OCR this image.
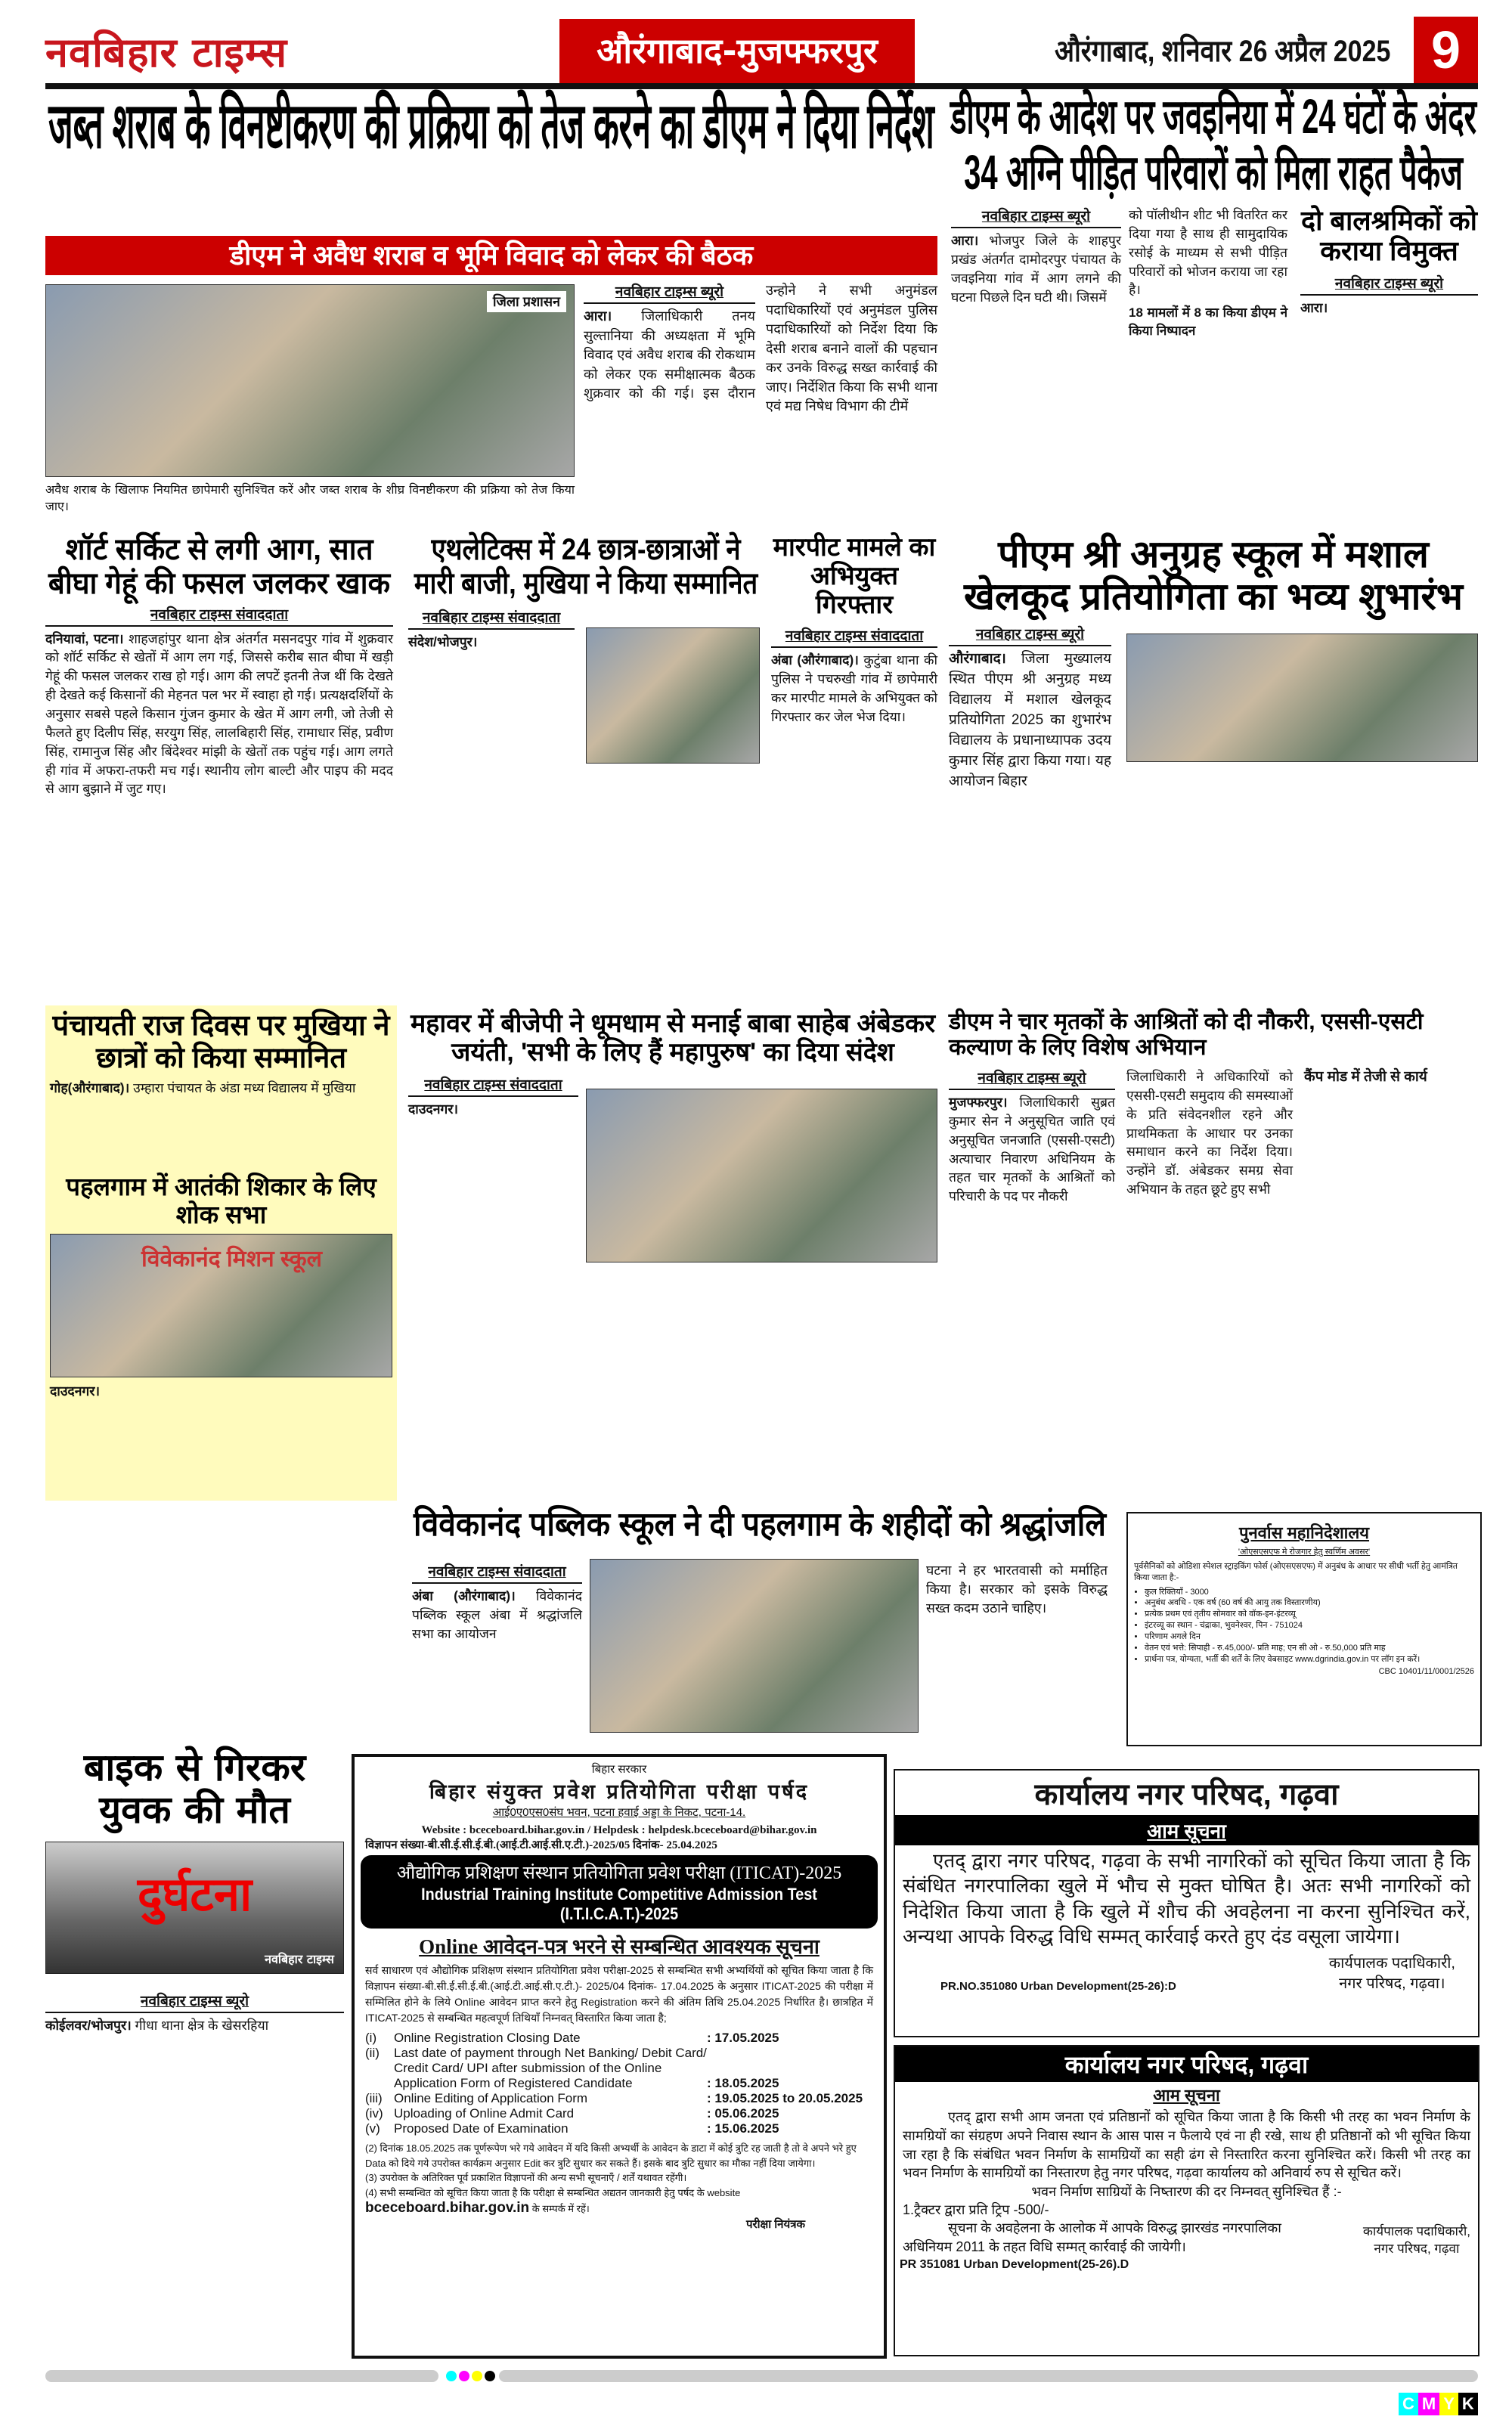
नवबिहार टाइम्स	औरंगाबाद-मुजफ्फरपुर	औरंगाबाद, शनिवार 26 अप्रैल 2025 9
जब्त शराब के विनष्टीकरण की प्रक्रिया को तेज करने का डीएम ने दिया निर्देश
डीएम ने अवैध शराब व भूमि विवाद को लेकर की बैठक
जिला प्रशासन
अवैध शराब के खिलाफ नियमित छापेमारी सुनिश्चित करें और जब्त शराब के शीघ्र विनष्टीकरण की प्रक्रिया को तेज किया जाए।
नवबिहार टाइम्स ब्यूरो

आरा। जिलाधिकारी तनय सुल्तानिया की अध्यक्षता में भूमि विवाद एवं अवैध शराब की रोकथाम को लेकर एक समीक्षात्मक बैठक शुक्रवार को की गई। इस दौरान उन्होने ने सभी अनुमंडल पदाधिकारियों एवं अनुमंडल पुलिस पदाधिकारियों को निर्देश दिया कि देसी शराब बनाने वालों की पहचान कर उनके विरुद्ध सख्त कार्रवाई की जाए। निर्देशित किया कि सभी थाना एवं मद्य निषेध विभाग की टीमें

डीएम के आदेश पर जवइनिया में 24 घंटों के अंदर 34 अग्नि पीड़ित परिवारों को मिला राहत पैकेज
नवबिहार टाइम्स ब्यूरो

आरा। भोजपुर जिले के शाहपुर प्रखंड अंतर्गत दामोदरपुर पंचायत के जवइनिया गांव में आग लगने की घटना पिछले दिन घटी थी। जिसमें

को पॉलीथीन शीट भी वितरित कर दिया गया है साथ ही सामुदायिक रसोई के माध्यम से सभी पीड़ित परिवारों को भोजन कराया जा रहा है।

18 मामलों में 8 का किया डीएम ने किया निष्पादन

दो बालश्रमिकों को कराया विमुक्त
नवबिहार टाइम्स ब्यूरो

आरा।

शॉर्ट सर्किट से लगी आग, सात बीघा गेहूं की फसल जलकर खाक
नवबिहार टाइम्स संवाददाता

दनियावां, पटना। शाहजहांपुर थाना क्षेत्र अंतर्गत मसनदपुर गांव में शुक्रवार को शॉर्ट सर्किट से खेतों में आग लग गई, जिससे करीब सात बीघा में खड़ी गेहूं की फसल जलकर राख हो गई। आग की लपटें इतनी तेज थीं कि देखते ही देखते कई किसानों की मेहनत पल भर में स्वाहा हो गई। प्रत्यक्षदर्शियों के अनुसार सबसे पहले किसान गुंजन कुमार के खेत में आग लगी, जो तेजी से फैलते हुए दिलीप सिंह, सरयुग सिंह, लालबिहारी सिंह, रामाधार सिंह, प्रवीण सिंह, रामानुज सिंह और बिंदेश्वर मांझी के खेतों तक पहुंच गई। आग लगते ही गांव में अफरा-तफरी मच गई। स्थानीय लोग बाल्टी और पाइप की मदद से आग बुझाने में जुट गए।

एथलेटिक्स में 24 छात्र-छात्राओं ने मारी बाजी, मुखिया ने किया सम्मानित
नवबिहार टाइम्स संवाददाता

संदेश/भोजपुर।

मारपीट मामले का अभियुक्त गिरफ्तार
नवबिहार टाइम्स संवाददाता

अंबा (औरंगाबाद)। कुटुंबा थाना की पुलिस ने पचरुखी गांव में छापेमारी कर मारपीट मामले के अभियुक्त को गिरफ्तार कर जेल भेज दिया।

पीएम श्री अनुग्रह स्कूल में मशाल खेलकूद प्रतियोगिता का भव्य शुभारंभ
नवबिहार टाइम्स ब्यूरो

औरंगाबाद। जिला मुख्यालय स्थित पीएम श्री अनुग्रह मध्य विद्यालय में मशाल खेलकूद प्रतियोगिता 2025 का शुभारंभ विद्यालय के प्रधानाध्यापक उदय कुमार सिंह द्वारा किया गया। यह आयोजन बिहार

पंचायती राज दिवस पर मुखिया ने छात्रों को किया सम्मानित

गोह(औरंगाबाद)। उम्हारा पंचायत के अंडा मध्य विद्यालय में मुखिया

पहलगाम में आतंकी शिकार के लिए शोक सभा
विवेकानंद मिशन स्कूल

दाउदनगर।

महावर में बीजेपी ने धूमधाम से मनाई बाबा साहेब अंबेडकर जयंती, 'सभी के लिए हैं महापुरुष' का दिया संदेश
नवबिहार टाइम्स संवाददाता

दाउदनगर।

डीएम ने चार मृतकों के आश्रितों को दी नौकरी, एससी-एसटी कल्याण के लिए विशेष अभियान
नवबिहार टाइम्स ब्यूरो

मुजफ्फरपुर। जिलाधिकारी सुब्रत कुमार सेन ने अनुसूचित जाति एवं अनुसूचित जनजाति (एससी-एसटी) अत्याचार निवारण अधिनियम के तहत चार मृतकों के आश्रितों को परिचारी के पद पर नौकरी

जिलाधिकारी ने अधिकारियों को एससी-एसटी समुदाय की समस्याओं के प्रति संवेदनशील रहने और प्राथमिकता के आधार पर उनका समाधान करने का निर्देश दिया। उन्होंने डॉ. अंबेडकर समग्र सेवा अभियान के तहत छूटे हुए सभी

कैंप मोड में तेजी से कार्य

विवेकानंद पब्लिक स्कूल ने दी पहलगाम के शहीदों को श्रद्धांजलि
नवबिहार टाइम्स संवाददाता

अंबा (औरंगाबाद)। विवेकानंद पब्लिक स्कूल अंबा में श्रद्धांजलि सभा का आयोजन

घटना ने हर भारतवासी को मर्माहित किया है। सरकार को इसके विरुद्ध सख्त कदम उठाने चाहिए।

पुनर्वास महानिदेशालय
'ओएसएसएफ मे रोजगार हेतु स्वर्णिम अवसर'
पूर्वसैनिकों को ओडिशा स्पेशल स्ट्राइकिंग फोर्स (ओएसएसएफ) में अनुबंध के आधार पर सीधी भर्ती हेतु आमंत्रित किया जाता है:-
• कुल रिक्तियाँ - 3000
• अनुबंध अवधि - एक वर्ष (60 वर्ष की आयु तक विस्तारणीय)
• प्रत्येक प्रथम एवं तृतीय सोमवार को वॉक-इन-इंटरव्यू
• इंटरव्यू का स्थान - चंद्राका, भुवनेश्वर, पिन - 751024
• परिणाम अगले दिन
• वेतन एवं भत्ते: सिपाही - रु.45,000/- प्रति माह; एन सी ओ - रु.50,000 प्रति माह
• प्रार्थना पत्र, योग्यता, भर्ती की शर्तें के लिए वेबसाइट www.dgrindia.gov.in पर लॉग इन करें।
CBC 10401/11/0001/2526
बाइक से गिरकर युवक की मौत
दुर्घटना
नवबिहार टाइम्स
नवबिहार टाइम्स ब्यूरो

कोईलवर/भोजपुर। गीधा थाना क्षेत्र के खेसरहिया

बिहार सरकार
बिहार संयुक्त प्रवेश प्रतियोगिता परीक्षा पर्षद
आई0ए0एस0संघ भवन, पटना हवाई अड्डा के निकट, पटना-14.
Website : bceceboard.bihar.gov.in / Helpdesk : helpdesk.bceceboard@bihar.gov.in
विज्ञापन संख्या-बी.सी.ई.सी.ई.बी.(आई.टी.आई.सी.ए.टी.)-2025/05 दिनांक- 25.04.2025
औद्योगिक प्रशिक्षण संस्थान प्रतियोगिता प्रवेश परीक्षा (ITICAT)-2025
Industrial Training Institute Competitive Admission Test (I.T.I.C.A.T.)-2025
Online आवेदन-पत्र भरने से सम्बन्धित आवश्यक सूचना

सर्व साधारण एवं औद्योगिक प्रशिक्षण संस्थान प्रतियोगिता प्रवेश परीक्षा-2025 से सम्बन्धित सभी अभ्यर्थियों को सूचित किया जाता है कि विज्ञापन संख्या-बी.सी.ई.सी.ई.बी.(आई.टी.आई.सी.ए.टी.)- 2025/04 दिनांक- 17.04.2025 के अनुसार ITICAT-2025 की परीक्षा में सम्मिलित होने के लिये Online आवेदन प्राप्त करने हेतु Registration करने की अंतिम तिथि 25.04.2025 निर्धारित है। छात्रहित में ITICAT-2025 से सम्बन्धित महत्वपूर्ण तिथियाँ निम्नवत् विस्तारित किया जाता है;

(i)	Online Registration Closing Date	: 17.05.2025
(ii)	Last date of payment through Net Banking/ Debit Card/ Credit Card/ UPI after submission of the Online Application Form of Registered Candidate	: 18.05.2025
(iii)	Online Editing of Application Form	: 19.05.2025 to 20.05.2025
(iv)	Uploading of Online Admit Card	: 05.06.2025
(v)	Proposed Date of Examination	: 15.06.2025

(2) दिनांक 18.05.2025 तक पूर्णरूपेण भरे गये आवेदन में यदि किसी अभ्यर्थी के आवेदन के डाटा में कोई त्रुटि रह जाती है तो वे अपने भरे हुए Data को दिये गये उपरोक्त कार्यक्रम अनुसार Edit कर त्रुटि सुधार कर सकते हैं। इसके बाद त्रुटि सुधार का मौका नहीं दिया जायेगा।

(3) उपरोक्त के अतिरिक्त पूर्व प्रकाशित विज्ञापनों की अन्य सभी सूचनाएँ / शर्तें यथावत रहेंगी।

(4) सभी सम्बन्धित को सूचित किया जाता है कि परीक्षा से सम्बन्धित अद्यतन जानकारी हेतु पर्षद के website

bceceboard.bihar.gov.in के सम्पर्क में रहें।

परीक्षा नियंत्रक
कार्यालय नगर परिषद, गढ़वा
आम सूचना

एतद् द्वारा नगर परिषद, गढ़वा के सभी नागरिकों को सूचित किया जाता है कि संबंधित नगरपालिका खुले में भौच से मुक्त घोषित है। अतः सभी नागरिकों को निदेशित किया जाता है कि खुले में शौच की अवहेलना ना करना सुनिश्चित करें, अन्यथा आपके विरुद्ध विधि सम्मत् कार्रवाई करते हुए दंड वसूला जायेगा।

PR.NO.351080 Urban Development(25-26):D
कार्यपालक पदाधिकारी,
नगर परिषद, गढ़वा।
कार्यालय नगर परिषद, गढ़वा
आम सूचना

एतद् द्वारा सभी आम जनता एवं प्रतिष्ठानों को सूचित किया जाता है कि किसी भी तरह का भवन निर्माण के सामग्रियों का संग्रहण अपने निवास स्थान के आस पास न फैलाये एवं ना ही रखे, साथ ही प्रतिष्ठानों को भी सूचित किया जा रहा है कि संबंधित भवन निर्माण के सामग्रियों का सही ढंग से निस्तारित करना सुनिश्चित करें। किसी भी तरह का भवन निर्माण के सामग्रियों का निस्तारण हेतु नगर परिषद, गढ़वा कार्यालय को अनिवार्य रुप से सूचित करें।

भवन निर्माण साग्रियों के निष्तारण की दर निम्नवत् सुनिश्चित हैं :-

1.ट्रैक्टर द्वारा प्रति ट्रिप -500/-

सूचना के अवहेलना के आलोक में आपके विरुद्ध झारखंड नगरपालिका अधिनियम 2011 के तहत विधि सम्मत् कार्रवाई की जायेगी।

कार्यपालक पदाधिकारी,
नगर परिषद, गढ़वा
PR 351081 Urban Development(25-26).D
C M Y K
